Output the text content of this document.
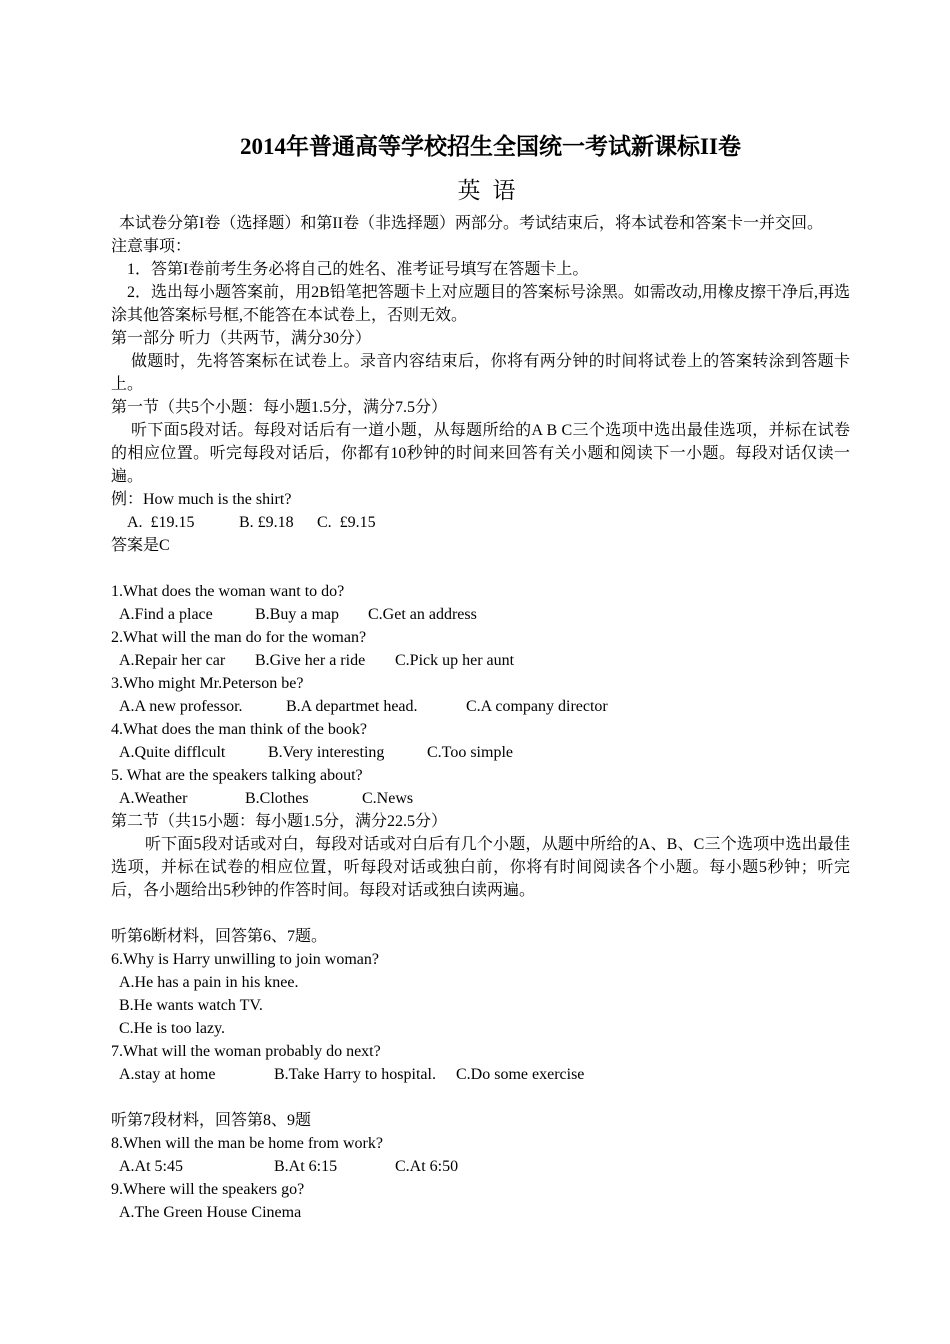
2014年普通高等学校招生全国统一考试新课标II卷
英语

本试卷分第I卷（选择题）和第II卷（非选择题）两部分。考试结束后，将本试卷和答案卡一并交回。

注意事项：

1．答第I卷前考生务必将自己的姓名、准考证号填写在答题卡上。

2．选出每小题答案前，用2B铅笔把答题卡上对应题目的答案标号涂黑。如需改动,用橡皮擦干净后,再选涂其他答案标号框,不能答在本试卷上，否则无效。

第一部分 听力（共两节，满分30分）

做题时，先将答案标在试卷上。录音内容结束后，你将有两分钟的时间将试卷上的答案转涂到答题卡上。

第一节（共5个小题：每小题1.5分，满分7.5分）

听下面5段对话。每段对话后有一道小题，从每题所给的A B C三个选项中选出最佳选项，并标在试卷的相应位置。听完每段对话后，你都有10秒钟的时间来回答有关小题和阅读下一小题。每段对话仅读一遍。

例：How much is the shirt?

A.  £19.15	B. £9.18 C.  £9.15

答案是C

1.What does the woman want to do?

A.Find a place	B.Buy a map C.Get an address

2.What will the man do for the woman?

A.Repair her car B.Give her a ride C.Pick up her aunt

3.Who might Mr.Peterson be?

A.A new professor.	B.A departmet head.	C.A company director

4.What does the man think of the book?

A.Quite difflcult	B.Very interesting	C.Too simple

5. What are the speakers talking about?

A.Weather	B.Clothes	C.News

第二节（共15小题：每小题1.5分，满分22.5分）

听下面5段对话或对白，每段对话或对白后有几个小题，从题中所给的A、B、C三个选项中选出最佳选项，并标在试卷的相应位置，听每段对话或独白前，你将有时间阅读各个小题。每小题5秒钟；听完后，各小题给出5秒钟的作答时间。每段对话或独白读两遍。

听第6断材料，回答第6、7题。

6.Why is Harry unwilling to join woman?

A.He has a pain in his knee.

B.He wants watch TV.

C.He is too lazy.

7.What will the woman probably do next?

A.stay at home	B.Take Harry to hospital. C.Do some exercise

听第7段材料，回答第8、9题

8.When will the man be home from work?

A.At 5:45	B.At 6:15	C.At 6:50

9.Where will the speakers go?

A.The Green House Cinema
